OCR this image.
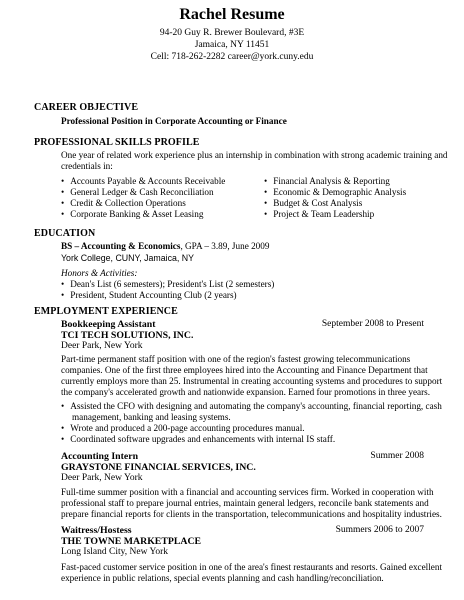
Rachel Resume
94-20 Guy R. Brewer Boulevard, #3E
Jamaica, NY 11451
Cell: 718-262-2282 career@york.cuny.edu
CAREER OBJECTIVE
Professional Position in Corporate Accounting or Finance
PROFESSIONAL SKILLS PROFILE
One year of related work experience plus an internship in combination with strong academic training and
credentials in:
• Accounts Payable & Accounts Receivable
• General Ledger & Cash Reconciliation
• Credit & Collection Operations
• Corporate Banking & Asset Leasing
• Financial Analysis & Reporting
• Economic & Demographic Analysis
• Budget & Cost Analysis
• Project & Team Leadership
EDUCATION
BS – Accounting & Economics, GPA – 3.89, June 2009
York College, CUNY, Jamaica, NY
Honors & Activities:
• Dean's List (6 semesters); President's List (2 semesters)
• President, Student Accounting Club (2 years)
EMPLOYMENT EXPERIENCE
Bookkeeping Assistant	September 2008 to Present
TCI TECH SOLUTIONS, INC.
Deer Park, New York
Part-time permanent staff position with one of the region's fastest growing telecommunications
companies. One of the first three employees hired into the Accounting and Finance Department that
currently employs more than 25. Instrumental in creating accounting systems and procedures to support
the company's accelerated growth and nationwide expansion. Earned four promotions in three years.
• Assisted the CFO with designing and automating the company's accounting, financial reporting, cash
management, banking and leasing systems.
• Wrote and produced a 200-page accounting procedures manual.
• Coordinated software upgrades and enhancements with internal IS staff.
Accounting Intern	Summer 2008
GRAYSTONE FINANCIAL SERVICES, INC.
Deer Park, New York
Full-time summer position with a financial and accounting services firm. Worked in cooperation with
professional staff to prepare journal entries, maintain general ledgers, reconcile bank statements and
prepare financial reports for clients in the transportation, telecommunications and hospitality industries.
Waitress/Hostess	Summers 2006 to 2007
THE TOWNE MARKETPLACE
Long Island City, New York
Fast-paced customer service position in one of the area's finest restaurants and resorts. Gained excellent
experience in public relations, special events planning and cash handling/reconciliation.
